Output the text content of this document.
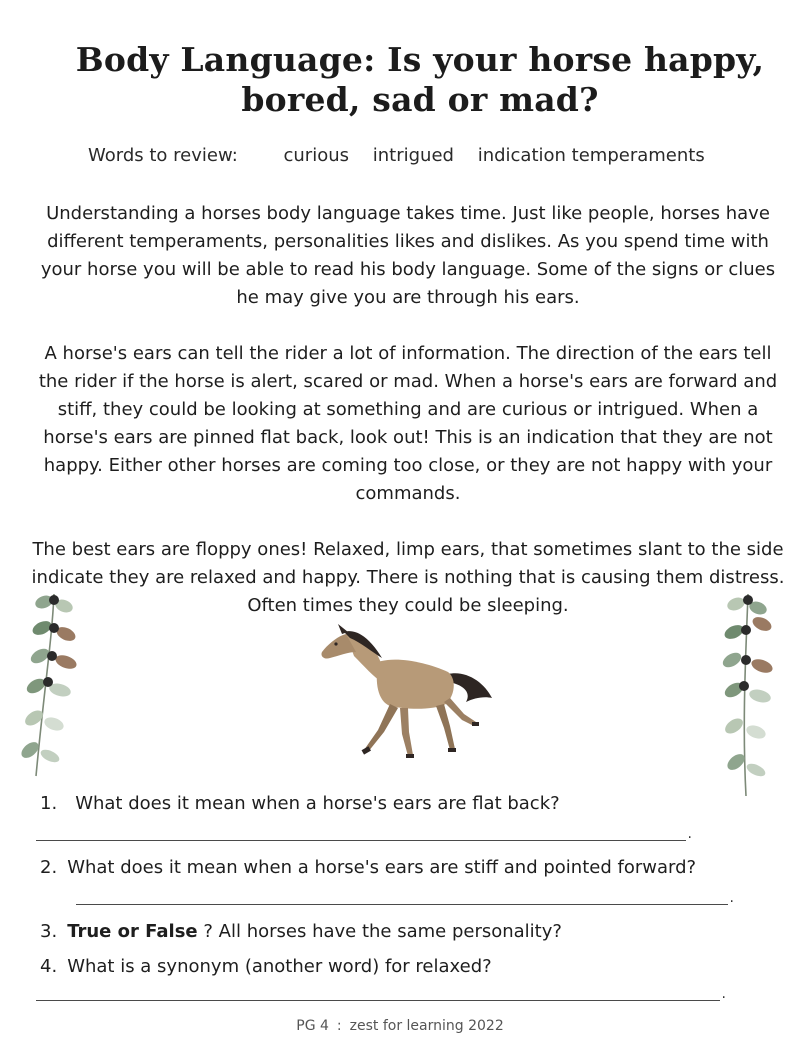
Body Language: Is your horse happy,
bored, sad or mad?
Words to review:	curious intrigued indication temperaments
Understanding a horses body language takes time. Just like people, horses have different temperaments, personalities likes and dislikes. As you spend time with your horse you will be able to read his body language. Some of the signs or clues he may give you are through his ears.
A horse's ears can tell the rider a lot of information. The direction of the ears tell the rider if the horse is alert, scared or mad. When a horse's ears are forward and stiff, they could be looking at something and are curious or intrigued. When a horse's ears are pinned flat back, look out! This is an indication that they are not happy. Either other horses are coming too close, or they are not happy with your commands.
The best ears are floppy ones! Relaxed, limp ears, that sometimes slant to the side indicate they are relaxed and happy. There is nothing that is causing them distress. Often times they could be sleeping.
1. What does it mean when a horse's ears are flat back?
.
2. What does it mean when a horse's ears are stiff and pointed forward?
.
3. True or False ? All horses have the same personality?
4. What is a synonym (another word) for relaxed?
.
PG 4 : zest for learning 2022
